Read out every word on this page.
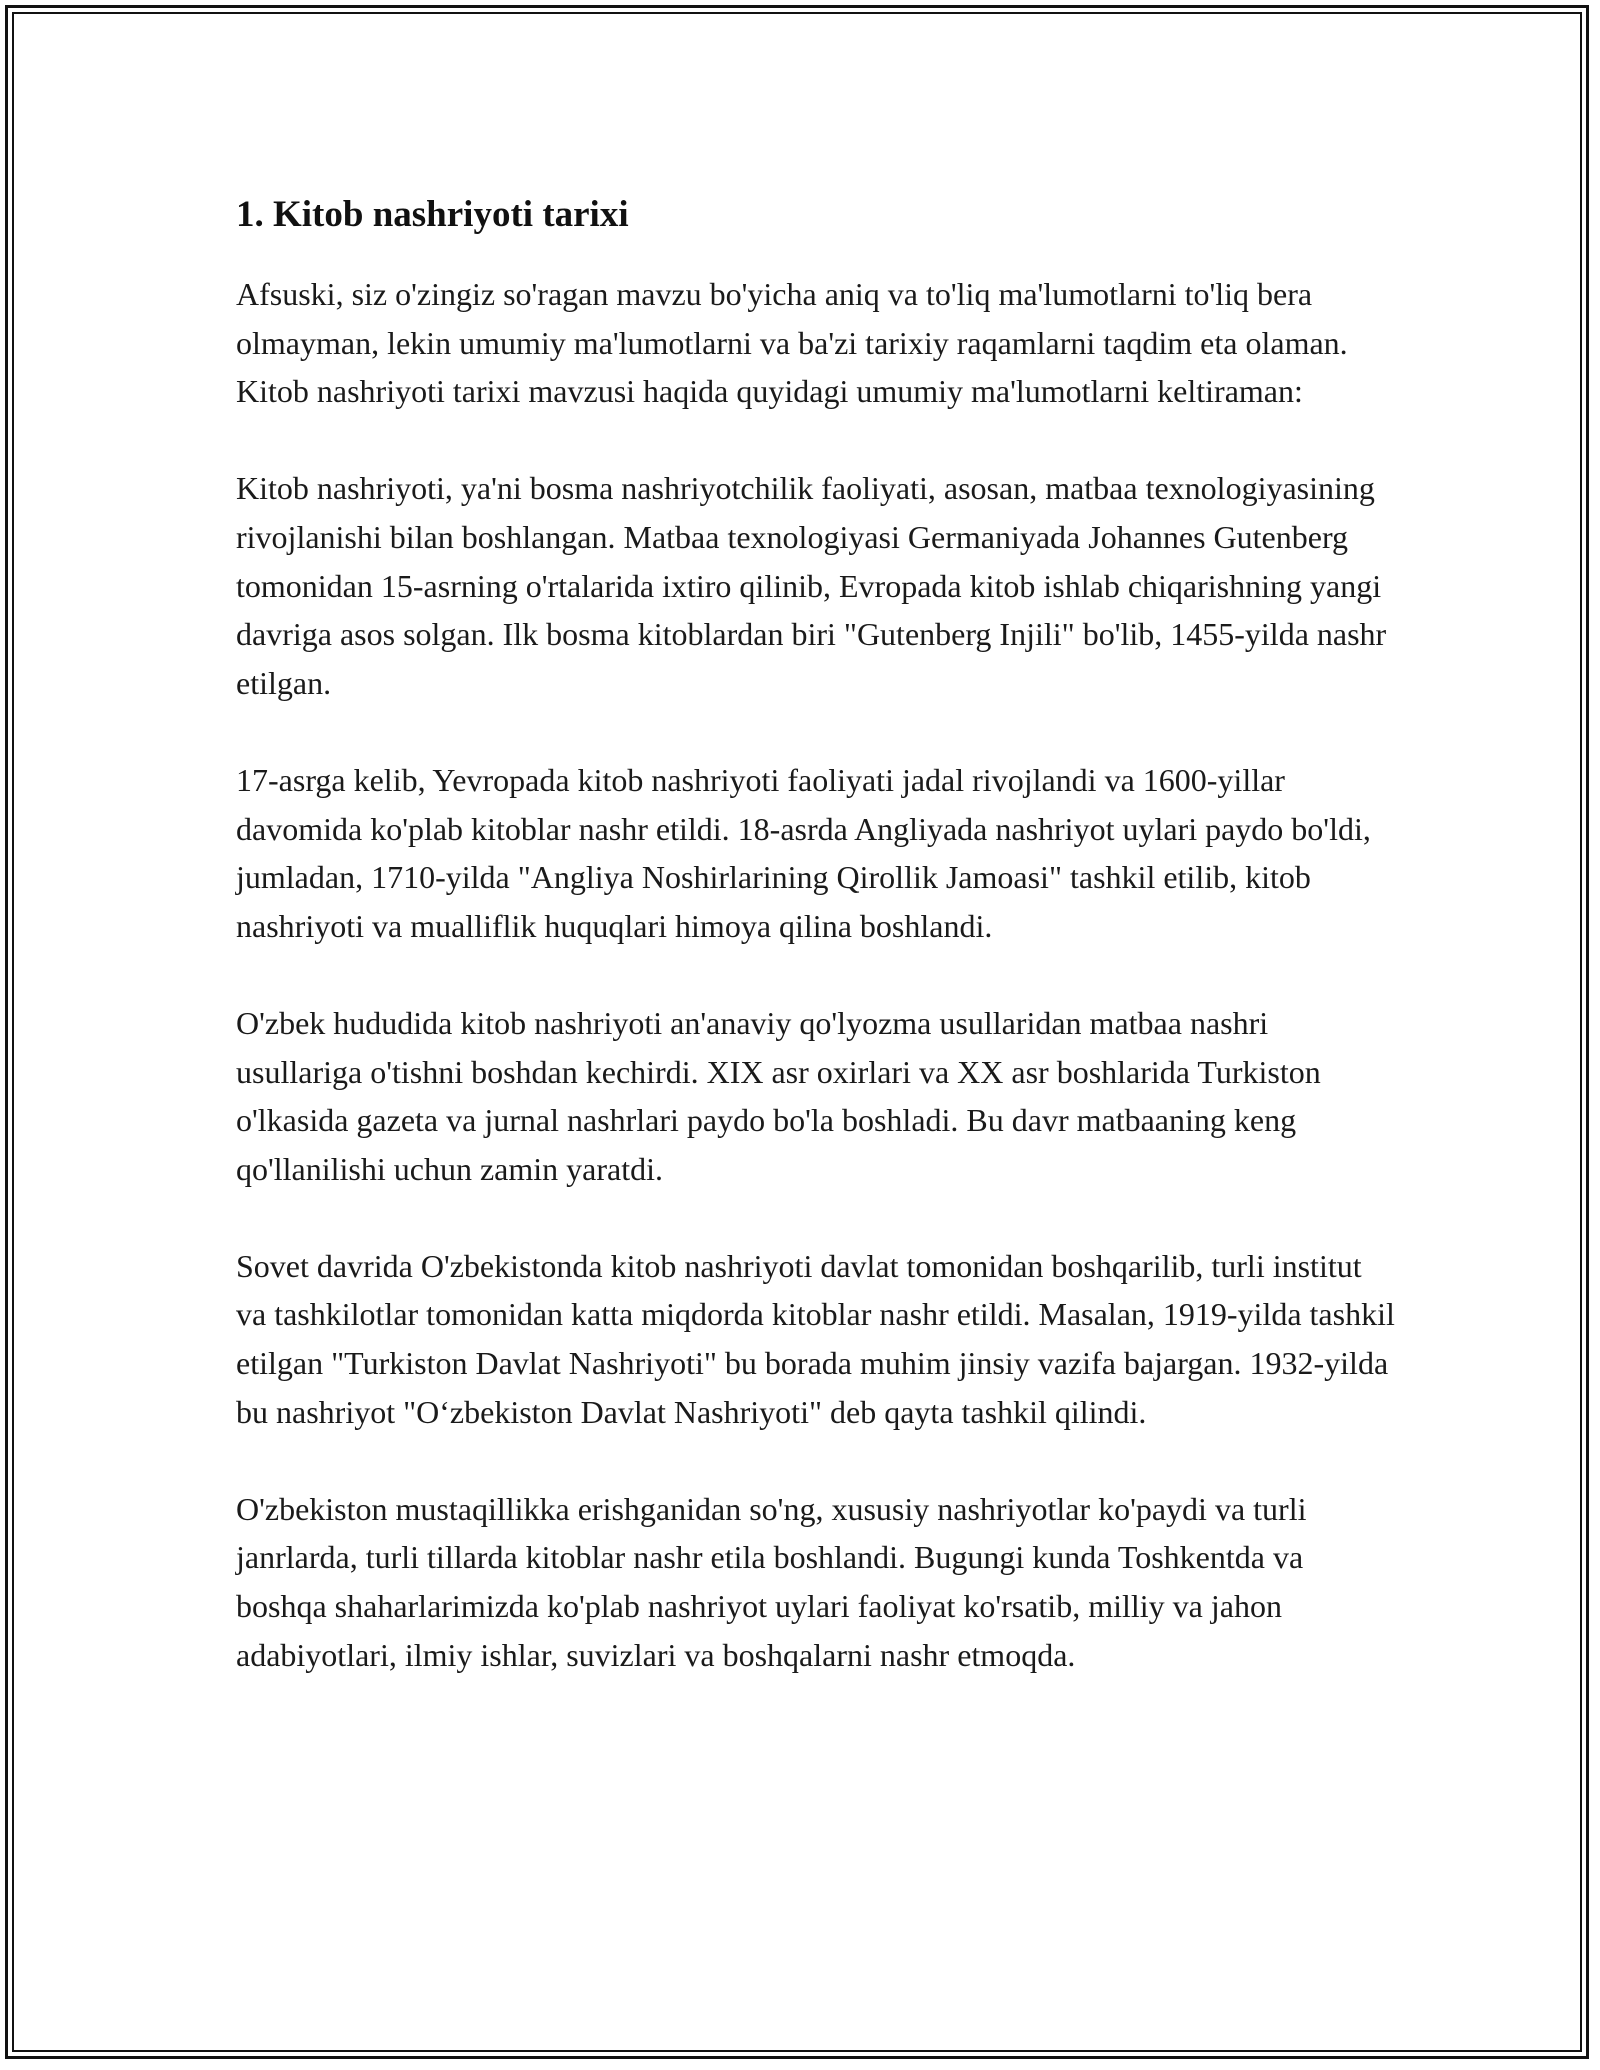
1. Kitob nashriyoti tarixi

Afsuski, siz o'zingiz so'ragan mavzu bo'yicha aniq va to'liq ma'lumotlarni to'liq bera olmayman, lekin umumiy ma'lumotlarni va ba'zi tarixiy raqamlarni taqdim eta olaman. Kitob nashriyoti tarixi mavzusi haqida quyidagi umumiy ma'lumotlarni keltiraman:

Kitob nashriyoti, ya'ni bosma nashriyotchilik faoliyati, asosan, matbaa texnologiyasining rivojlanishi bilan boshlangan. Matbaa texnologiyasi Germaniyada Johannes Gutenberg tomonidan 15-asrning o'rtalarida ixtiro qilinib, Evropada kitob ishlab chiqarishning yangi davriga asos solgan. Ilk bosma kitoblardan biri "Gutenberg Injili" bo'lib, 1455-yilda nashr etilgan.

17-asrga kelib, Yevropada kitob nashriyoti faoliyati jadal rivojlandi va 1600-yillar davomida ko'plab kitoblar nashr etildi. 18-asrda Angliyada nashriyot uylari paydo bo'ldi, jumladan, 1710-yilda "Angliya Noshirlarining Qirollik Jamoasi" tashkil etilib, kitob nashriyoti va mualliflik huquqlari himoya qilina boshlandi.

O'zbek hududida kitob nashriyoti an'anaviy qo'lyozma usullaridan matbaa nashri usullariga o'tishni boshdan kechirdi. XIX asr oxirlari va XX asr boshlarida Turkiston o'lkasida gazeta va jurnal nashrlari paydo bo'la boshladi. Bu davr matbaaning keng qo'llanilishi uchun zamin yaratdi.

Sovet davrida O'zbekistonda kitob nashriyoti davlat tomonidan boshqarilib, turli institut va tashkilotlar tomonidan katta miqdorda kitoblar nashr etildi. Masalan, 1919-yilda tashkil etilgan "Turkiston Davlat Nashriyoti" bu borada muhim jinsiy vazifa bajargan. 1932-yilda bu nashriyot "O‘zbekiston Davlat Nashriyoti" deb qayta tashkil qilindi.

O'zbekiston mustaqillikka erishganidan so'ng, xususiy nashriyotlar ko'paydi va turli janrlarda, turli tillarda kitoblar nashr etila boshlandi. Bugungi kunda Toshkentda va boshqa shaharlarimizda ko'plab nashriyot uylari faoliyat ko'rsatib, milliy va jahon adabiyotlari, ilmiy ishlar, suvizlari va boshqalarni nashr etmoqda.
